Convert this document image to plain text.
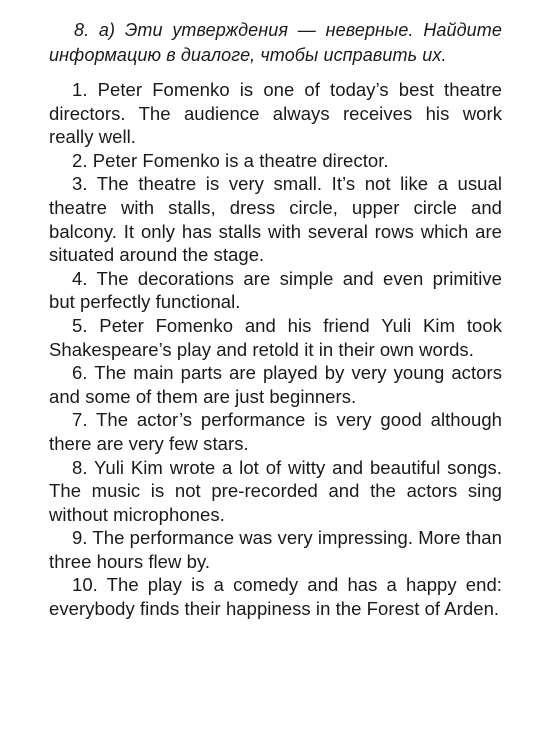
8. а) Эти утверждения — неверные. Найдите информацию в диалоге, чтобы исправить их.

1. Peter Fomenko is one of today’s best theatre directors. The audience always receives his work really well.

2. Peter Fomenko is a theatre director.

3. The theatre is very small. It’s not like a usual theatre with stalls, dress circle, upper circle and balcony. It only has stalls with several rows which are situated around the stage.

4. The decorations are simple and even primitive but perfectly functional.

5. Peter Fomenko and his friend Yuli Kim took Shakespeare’s play and retold it in their own words.

6. The main parts are played by very young actors and some of them are just beginners.

7. The actor’s performance is very good although there are very few stars.

8. Yuli Kim wrote a lot of witty and beautiful songs. The music is not pre-recorded and the actors sing without microphones.

9. The performance was very impressing. More than three hours flew by.

10. The play is a comedy and has a happy end: everybody finds their happiness in the Forest of Arden.
